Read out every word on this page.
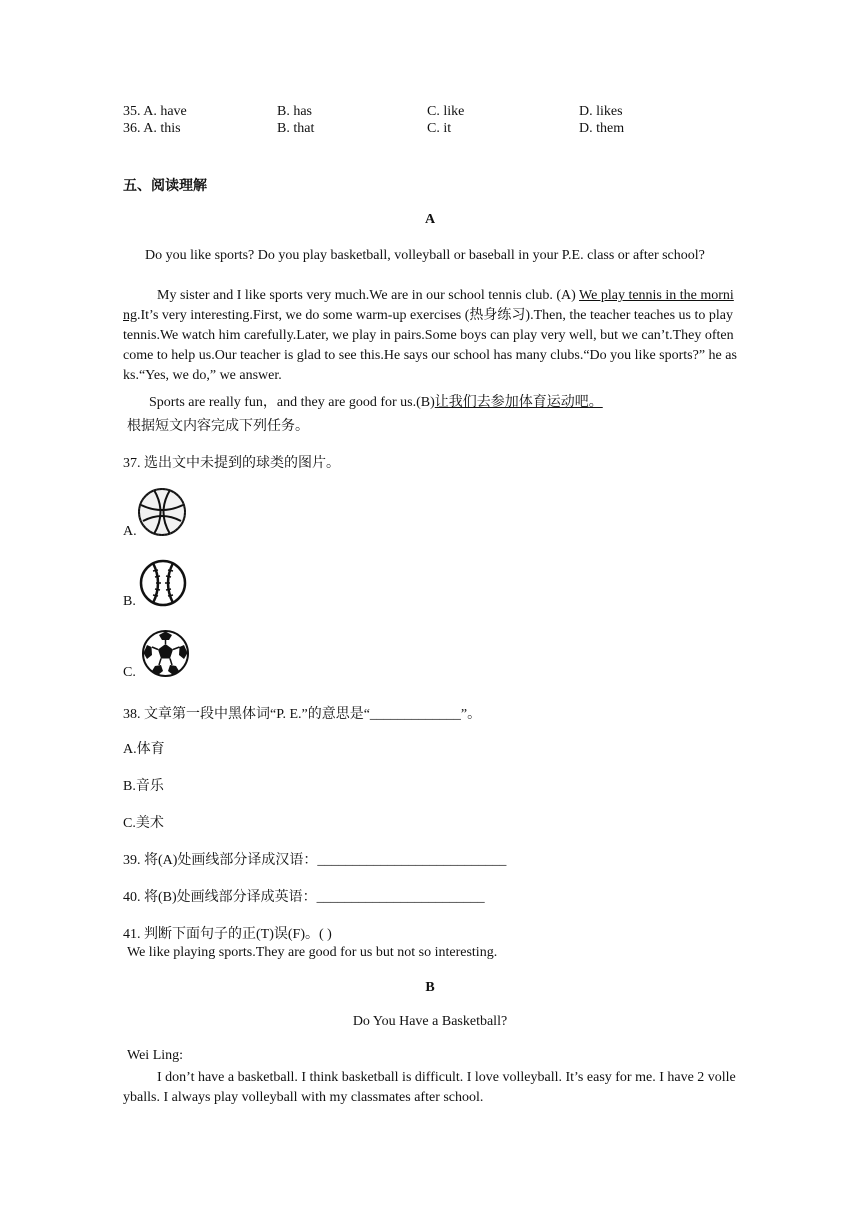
35. A. have	B. has	C. like	D. likes
36. A. this	B. that	C. it	D. them
五、阅读理解
A
Do you like sports? Do you play basketball, volleyball or baseball in your P.E. class or after school?
My sister and I like sports very much.We are in our school tennis club. (A) We play tennis in the morning.It’s very interesting.First, we do some warm-up exercises (热身练习).Then, the teacher teaches us to play tennis.We watch him carefully.Later, we play in pairs.Some boys can play very well, but we can’t.They often come to help us.Our teacher is glad to see this.He says our school has many clubs.“Do you like sports?” he asks.“Yes, we do,” we answer.
Sports are really fun，and they are good for us.(B)让我们去参加体育运动吧。
根据短文内容完成下列任务。
37. 选出文中未提到的球类的图片。
A.
B.
C.
38. 文章第一段中黑体词“P. E.”的意思是“_____________”。
A.体育
B.音乐
C.美术
39. 将(A)处画线部分译成汉语：___________________________
40. 将(B)处画线部分译成英语：________________________
41. 判断下面句子的正(T)误(F)。( )
We like playing sports.They are good for us but not so interesting.
B
Do You Have a Basketball?
Wei Ling:
I don’t have a basketball. I think basketball is difficult. I love volleyball. It’s easy for me. I have 2 volleyballs. I always play volleyball with my classmates after school.
